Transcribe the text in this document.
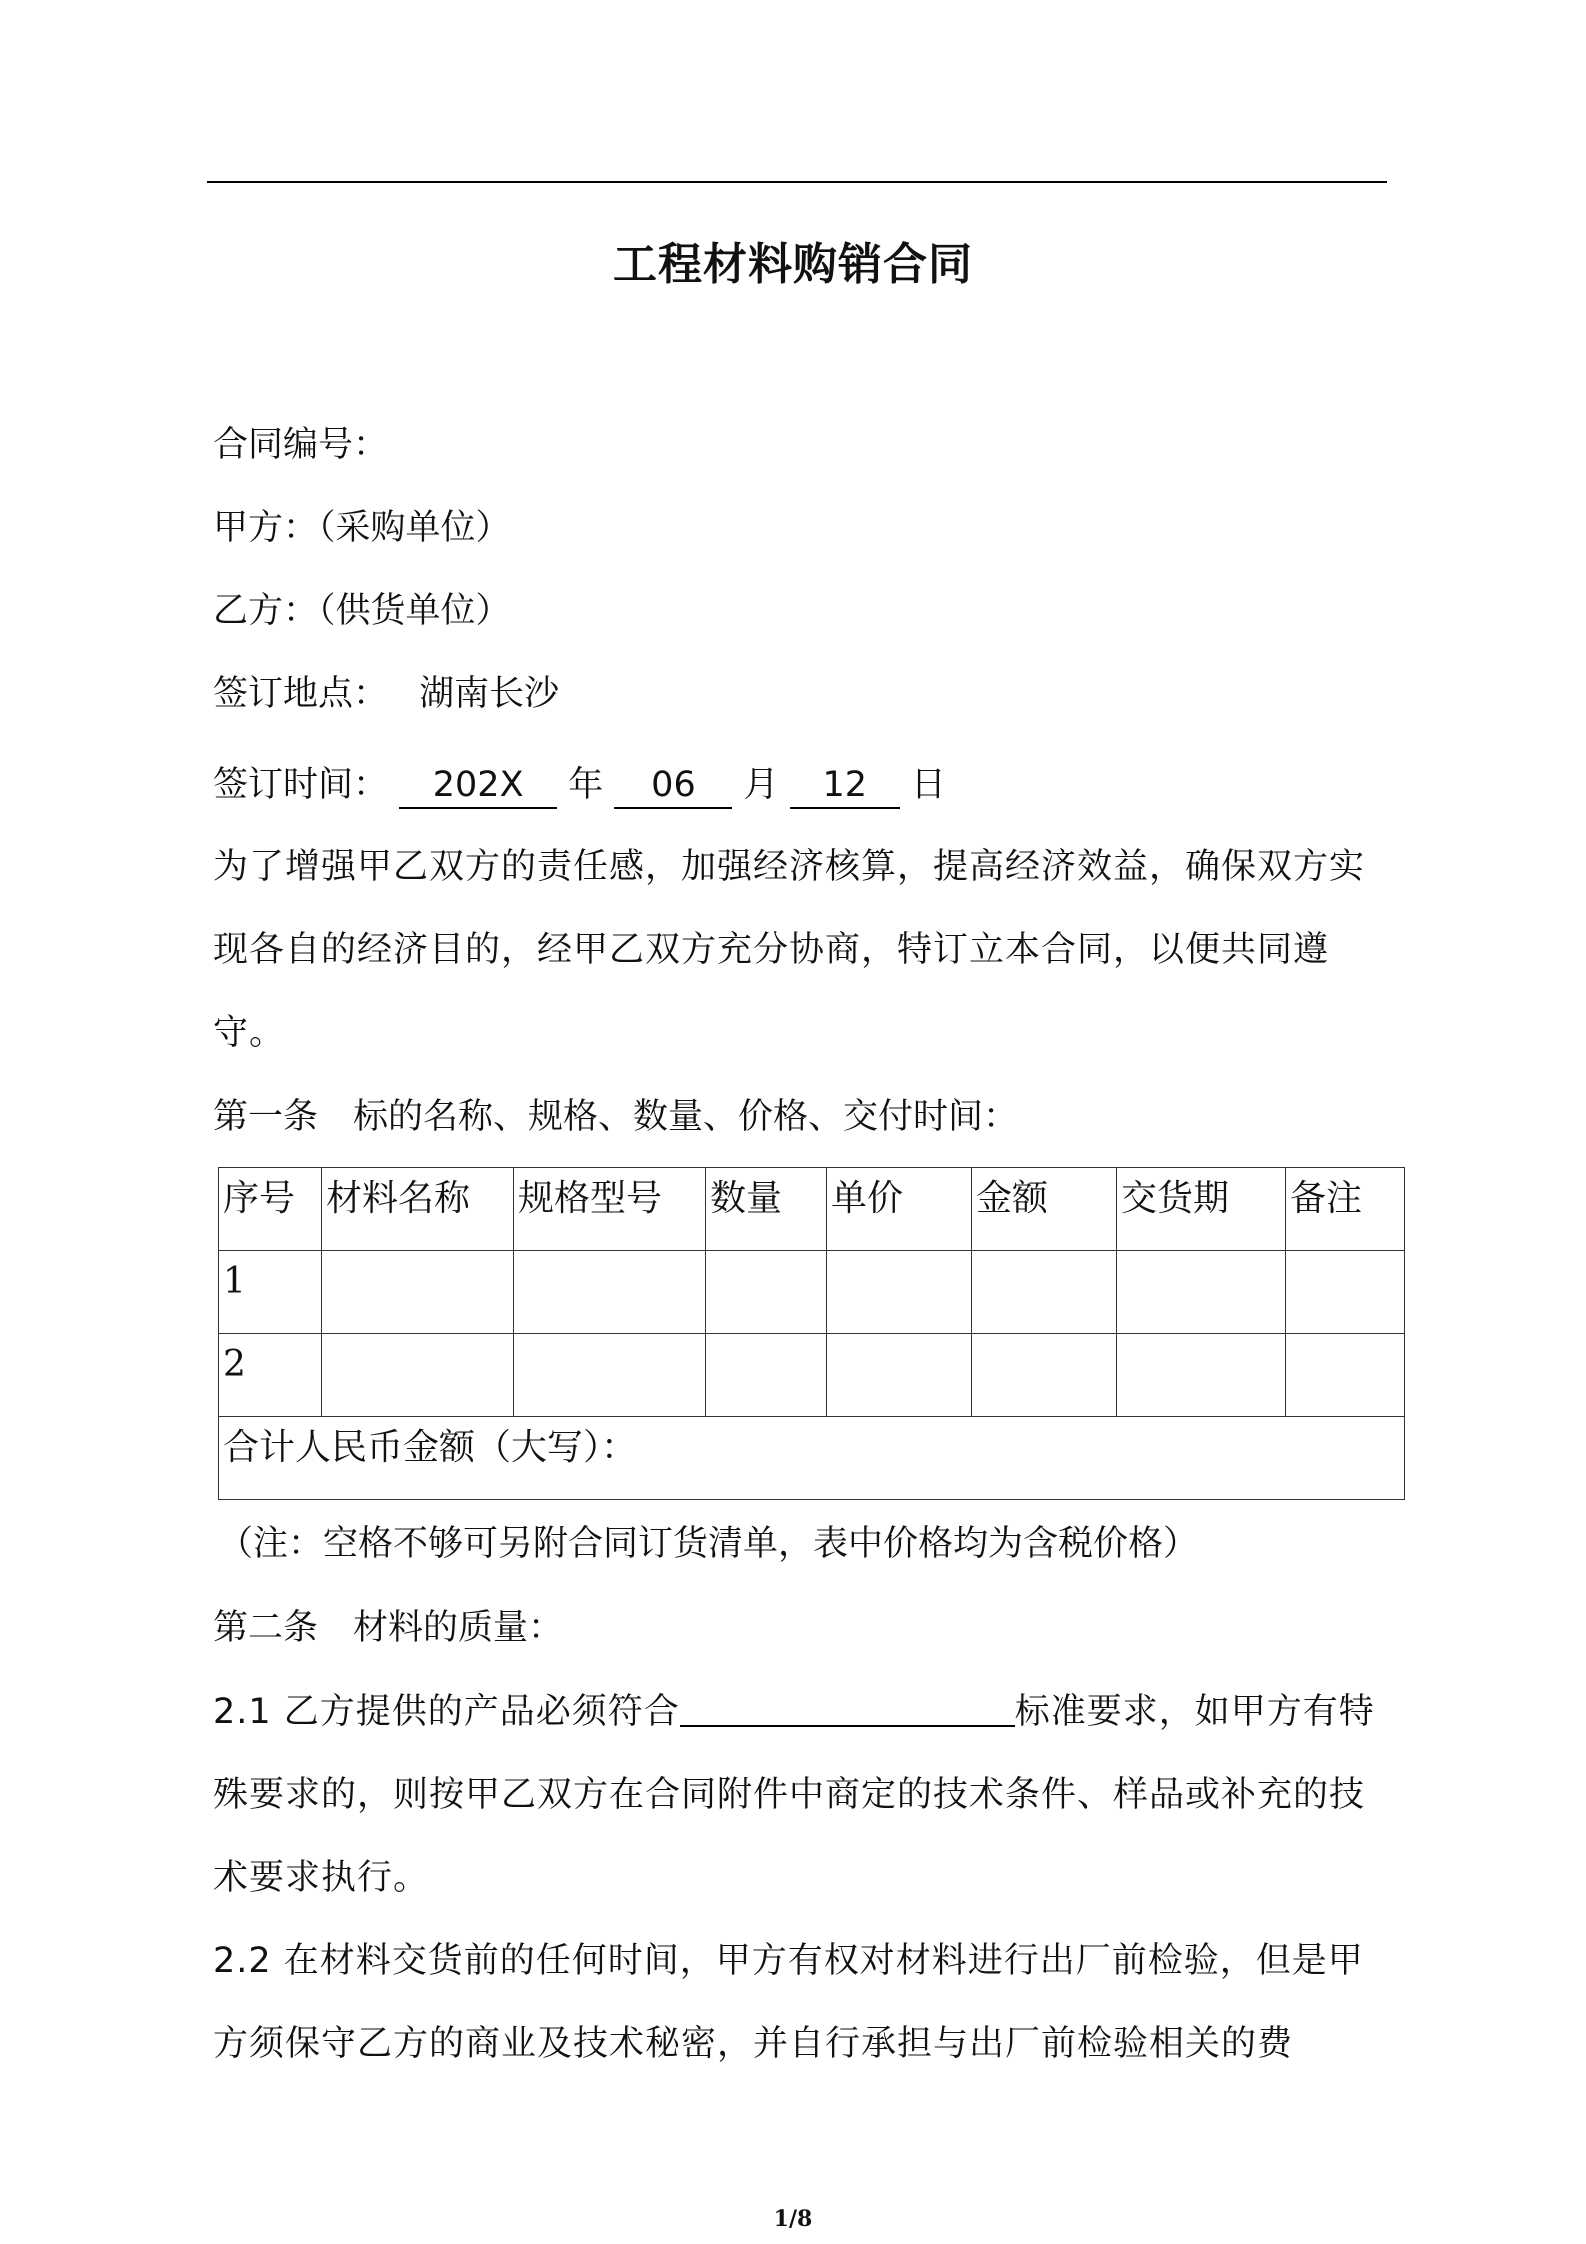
工程材料购销合同
合同编号：
甲方：（采购单位）
乙方：（供货单位）
签订地点： 湖南长沙
签订时间： 202X 年 06 月 12 日
为了增强甲乙双方的责任感，加强经济核算，提高经济效益，确保双方实现各自的经济目的，经甲乙双方充分协商，特订立本合同，以便共同遵守。
第一条　标的名称、规格、数量、价格、交付时间：
序号	材料名称	规格型号	数量	单价	金额	交货期	备注
1							
2							
合计人民币金额（大写）：							
（注：空格不够可另附合同订货清单，表中价格均为含税价格）
第二条　材料的质量：
2.1 乙方提供的产品必须符合	标准要求，如甲方有特殊要求的，则按甲乙双方在合同附件中商定的技术条件、样品或补充的技术要求执行。
2.2 在材料交货前的任何时间，甲方有权对材料进行出厂前检验，但是甲方须保守乙方的商业及技术秘密，并自行承担与出厂前检验相关的费
1/8
